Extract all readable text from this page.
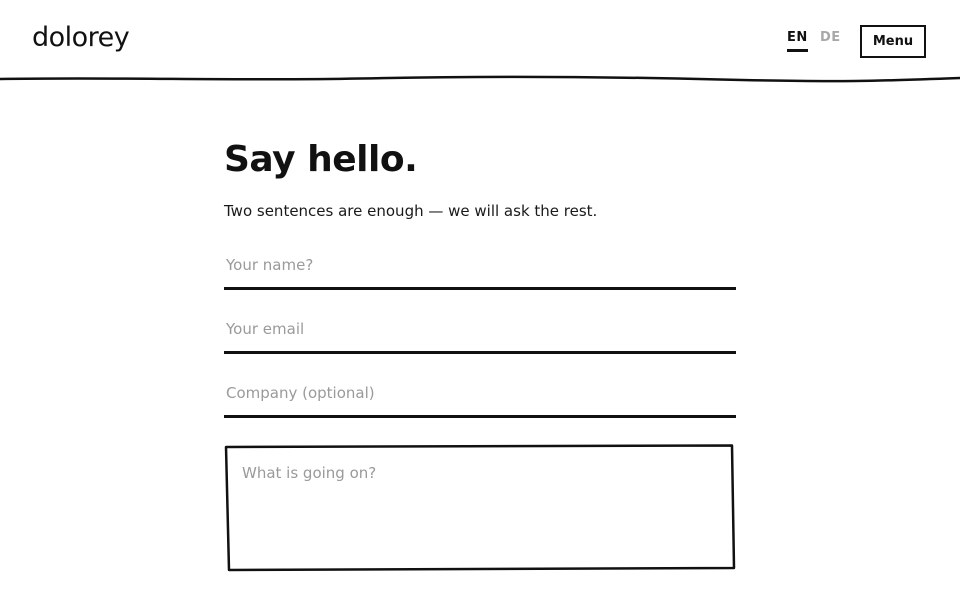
dolorey	EN DE	Menu
Say hello.

Two sentences are enough — we will ask the rest.

Your name?
Your email
Company (optional)
What is going on?
